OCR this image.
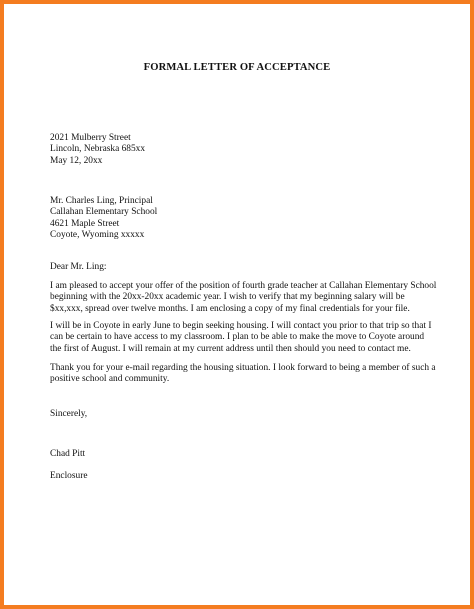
FORMAL LETTER OF ACCEPTANCE
2021 Mulberry Street
Lincoln, Nebraska 685xx
May 12, 20xx
Mr. Charles Ling, Principal
Callahan Elementary School
4621 Maple Street
Coyote, Wyoming xxxxx
Dear Mr. Ling:
I am pleased to accept your offer of the position of fourth grade teacher at Callahan Elementary School
beginning with the 20xx-20xx academic year. I wish to verify that my beginning salary will be
$xx,xxx, spread over twelve months. I am enclosing a copy of my final credentials for your file.
I will be in Coyote in early June to begin seeking housing. I will contact you prior to that trip so that I
can be certain to have access to my classroom. I plan to be able to make the move to Coyote around
the first of August. I will remain at my current address until then should you need to contact me.
Thank you for your e-mail regarding the housing situation. I look forward to being a member of such a
positive school and community.
Sincerely,
Chad Pitt
Enclosure
